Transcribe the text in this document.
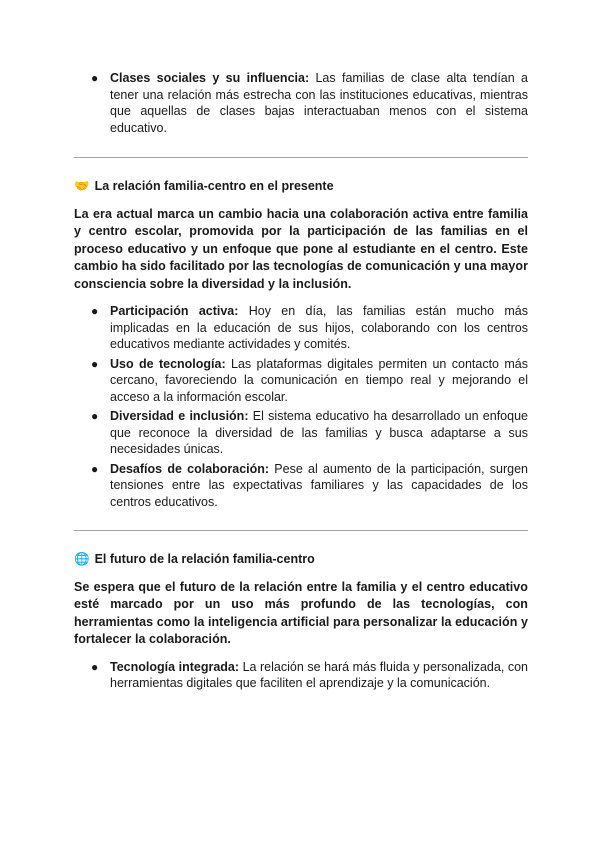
● Clases sociales y su influencia: Las familias de clase alta tendían a tener una relación más estrecha con las instituciones educativas, mientras que aquellas de clases bajas interactuaban menos con el sistema educativo.
🤝 La relación familia-centro en el presente

La era actual marca un cambio hacia una colaboración activa entre familia y centro escolar, promovida por la participación de las familias en el proceso educativo y un enfoque que pone al estudiante en el centro. Este cambio ha sido facilitado por las tecnologías de comunicación y una mayor consciencia sobre la diversidad y la inclusión.

● Participación activa: Hoy en día, las familias están mucho más implicadas en la educación de sus hijos, colaborando con los centros educativos mediante actividades y comités.
● Uso de tecnología: Las plataformas digitales permiten un contacto más cercano, favoreciendo la comunicación en tiempo real y mejorando el acceso a la información escolar.
● Diversidad e inclusión: El sistema educativo ha desarrollado un enfoque que reconoce la diversidad de las familias y busca adaptarse a sus necesidades únicas.
● Desafíos de colaboración: Pese al aumento de la participación, surgen tensiones entre las expectativas familiares y las capacidades de los centros educativos.
🌐 El futuro de la relación familia-centro

Se espera que el futuro de la relación entre la familia y el centro educativo esté marcado por un uso más profundo de las tecnologías, con herramientas como la inteligencia artificial para personalizar la educación y fortalecer la colaboración.

● Tecnología integrada: La relación se hará más fluida y personalizada, con herramientas digitales que faciliten el aprendizaje y la comunicación.
